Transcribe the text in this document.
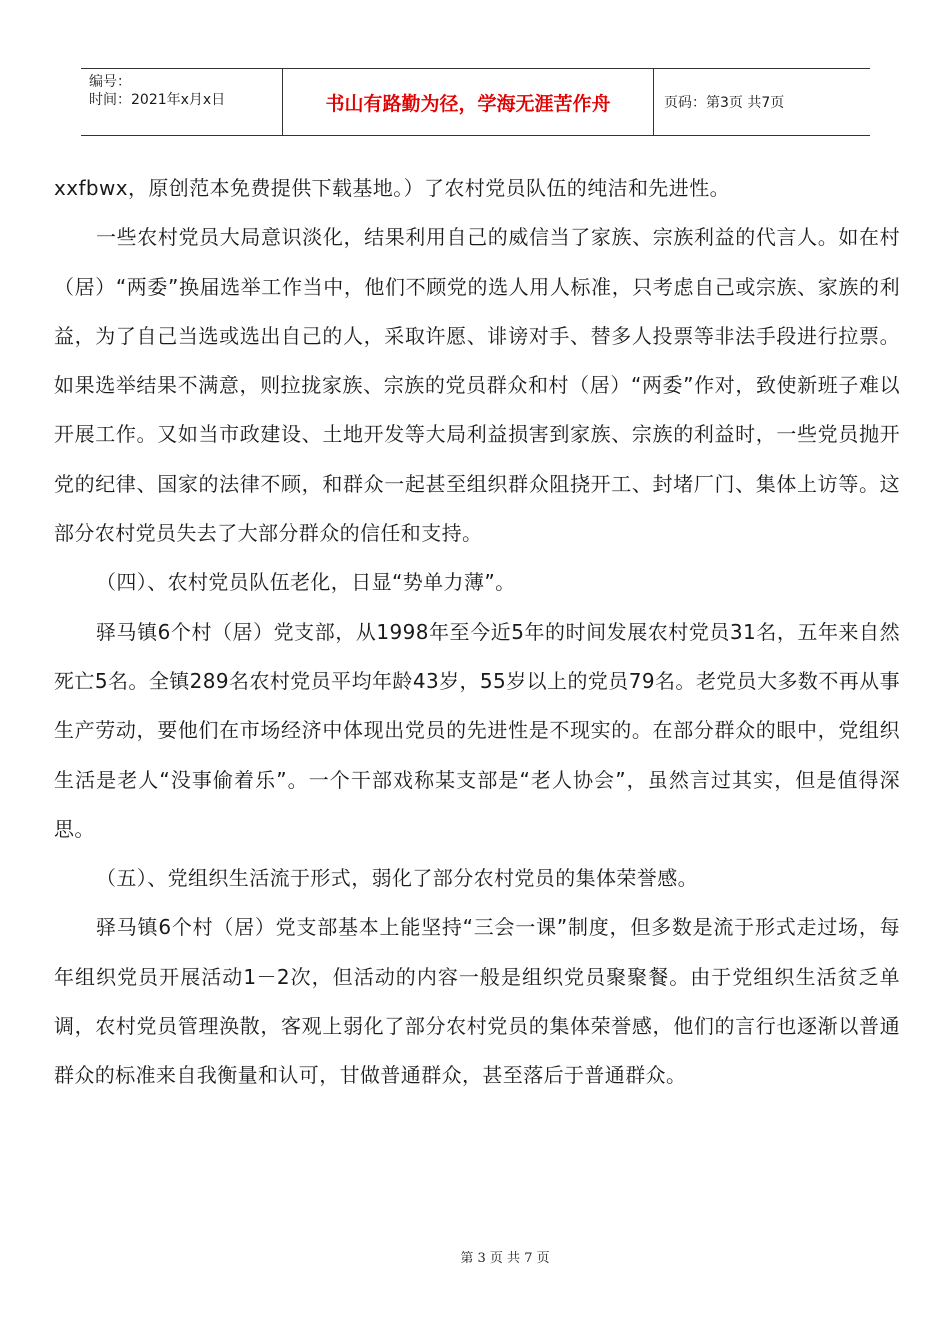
编号：
时间：2021年x月x日	书山有路勤为径，学海无涯苦作舟	页码：第3页 共7页

xxfbwx，原创范本免费提供下载基地。）了农村党员队伍的纯洁和先进性。

一些农村党员大局意识淡化，结果利用自己的威信当了家族、宗族利益的代言人。如在村（居）“两委”换届选举工作当中，他们不顾党的选人用人标准，只考虑自己或宗族、家族的利益，为了自己当选或选出自己的人，采取许愿、诽谤对手、替多人投票等非法手段进行拉票。如果选举结果不满意，则拉拢家族、宗族的党员群众和村（居）“两委”作对，致使新班子难以开展工作。又如当市政建设、土地开发等大局利益损害到家族、宗族的利益时，一些党员抛开党的纪律、国家的法律不顾，和群众一起甚至组织群众阻挠开工、封堵厂门、集体上访等。这部分农村党员失去了大部分群众的信任和支持。

（四）、农村党员队伍老化，日显“势单力薄”。

驿马镇6个村（居）党支部，从1998年至今近5年的时间发展农村党员31名，五年来自然死亡5名。全镇289名农村党员平均年龄43岁，55岁以上的党员79名。老党员大多数不再从事生产劳动，要他们在市场经济中体现出党员的先进性是不现实的。在部分群众的眼中，党组织生活是老人“没事偷着乐”。一个干部戏称某支部是“老人协会”，虽然言过其实，但是值得深思。

（五）、党组织生活流于形式，弱化了部分农村党员的集体荣誉感。

驿马镇6个村（居）党支部基本上能坚持“三会一课”制度，但多数是流于形式走过场，每年组织党员开展活动1－2次，但活动的内容一般是组织党员聚聚餐。由于党组织生活贫乏单调，农村党员管理涣散，客观上弱化了部分农村党员的集体荣誉感，他们的言行也逐渐以普通群众的标准来自我衡量和认可，甘做普通群众，甚至落后于普通群众。

第 3 页 共 7 页
